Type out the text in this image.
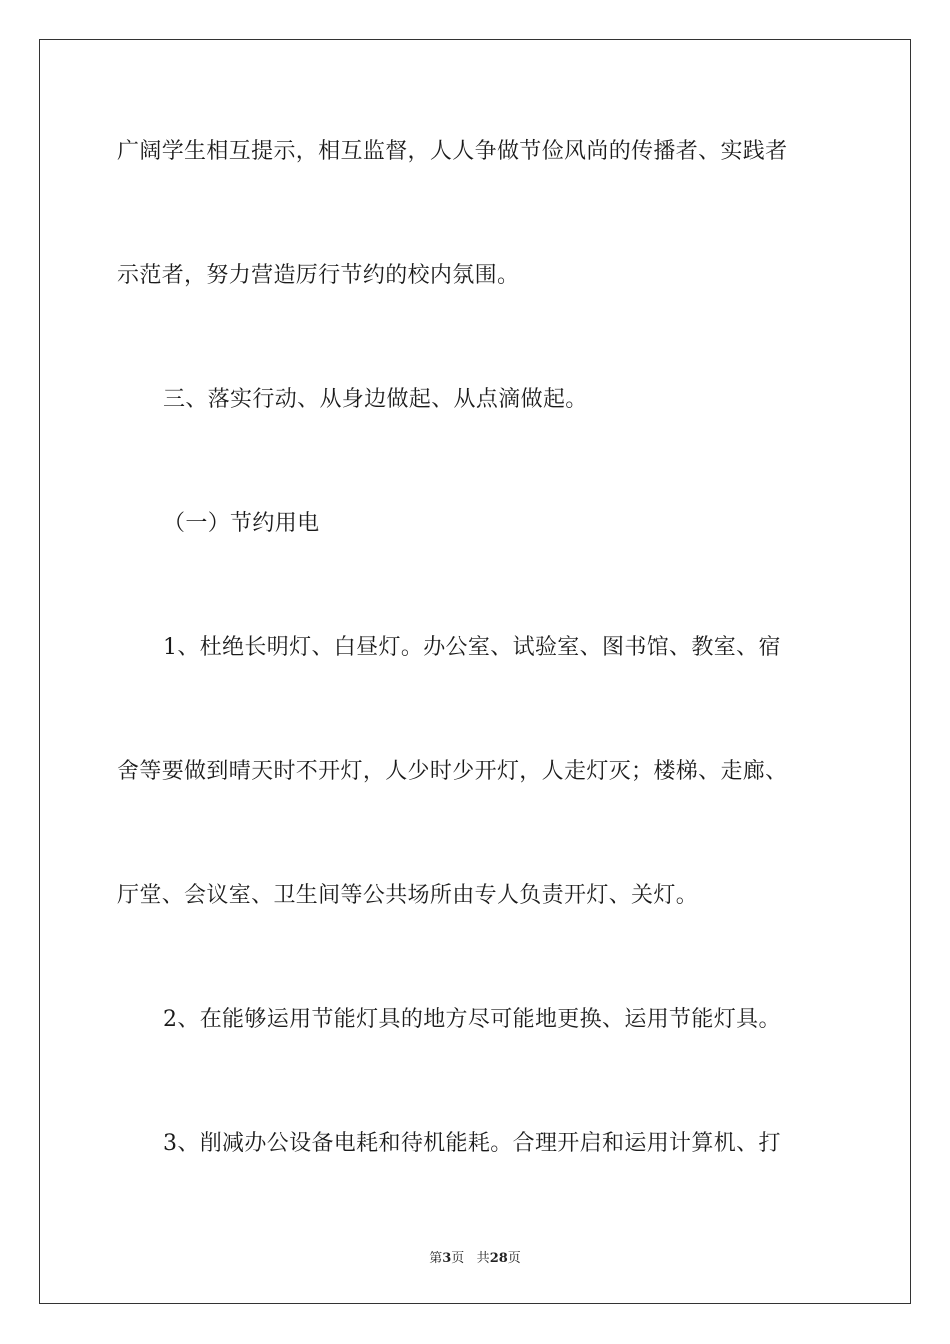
广阔学生相互提示，相互监督，人人争做节俭风尚的传播者、实践者
示范者，努力营造厉行节约的校内氛围。
三、落实行动、从身边做起、从点滴做起。
（一）节约用电
1、杜绝长明灯、白昼灯。办公室、试验室、图书馆、教室、宿
舍等要做到晴天时不开灯，人少时少开灯，人走灯灭；楼梯、走廊、
厅堂、会议室、卫生间等公共场所由专人负责开灯、关灯。
2、在能够运用节能灯具的地方尽可能地更换、运用节能灯具。
3、削减办公设备电耗和待机能耗。合理开启和运用计算机、打
第3页 共28页
